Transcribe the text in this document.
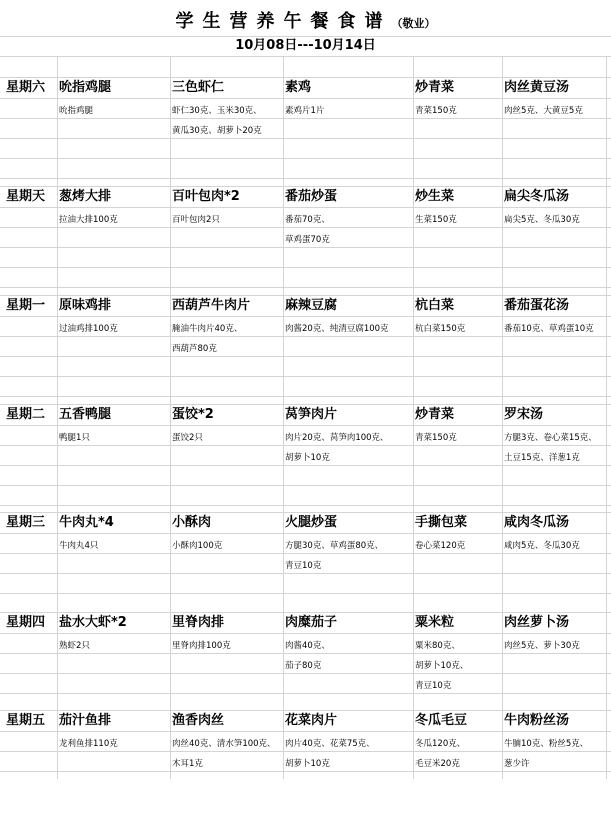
学生营养午餐食谱（敬业）
10月08日---10月14日
星期六 吮指鸡腿
吮指鸡腿
三色虾仁
虾仁30克、玉米30克、
黄瓜30克、胡萝卜20克
素鸡
素鸡片1片
炒青菜
青菜150克
肉丝黄豆汤
肉丝5克、大黄豆5克
星期天 葱烤大排
拉油大排100克
百叶包肉*2
百叶包肉2只
番茄炒蛋
番茄70克、
草鸡蛋70克
炒生菜
生菜150克
扁尖冬瓜汤
扁尖5克、冬瓜30克
星期一 原味鸡排
过油鸡排100克
西葫芦牛肉片
腌油牛肉片40克、
西葫芦80克
麻辣豆腐
肉酱20克、纯清豆腐100克
杭白菜
杭白菜150克
番茄蛋花汤
番茄10克、草鸡蛋10克
星期二 五香鸭腿
鸭腿1只
蛋饺*2
蛋饺2只
莴笋肉片
肉片20克、莴笋肉100克、
胡萝卜10克
炒青菜
青菜150克
罗宋汤
方腿3克、卷心菜15克、
土豆15克、洋葱1克
星期三 牛肉丸*4
牛肉丸4只
小酥肉
小酥肉100克
火腿炒蛋
方腿30克、草鸡蛋80克、
青豆10克
手撕包菜
卷心菜120克
咸肉冬瓜汤
咸肉5克、冬瓜30克
星期四 盐水大虾*2
熟虾2只
里脊肉排
里脊肉排100克
肉糜茄子
肉酱40克、
茄子80克
粟米粒
粟米80克、
胡萝卜10克、
青豆10克
肉丝萝卜汤
肉丝5克、萝卜30克
星期五 茄汁鱼排
龙利鱼排110克
渔香肉丝
肉丝40克、清水笋100克、
木耳1克
花菜肉片
肉片40克、花菜75克、
胡萝卜10克
冬瓜毛豆
冬瓜120克、
毛豆米20克
牛肉粉丝汤
牛腩10克、粉丝5克、
葱少许
